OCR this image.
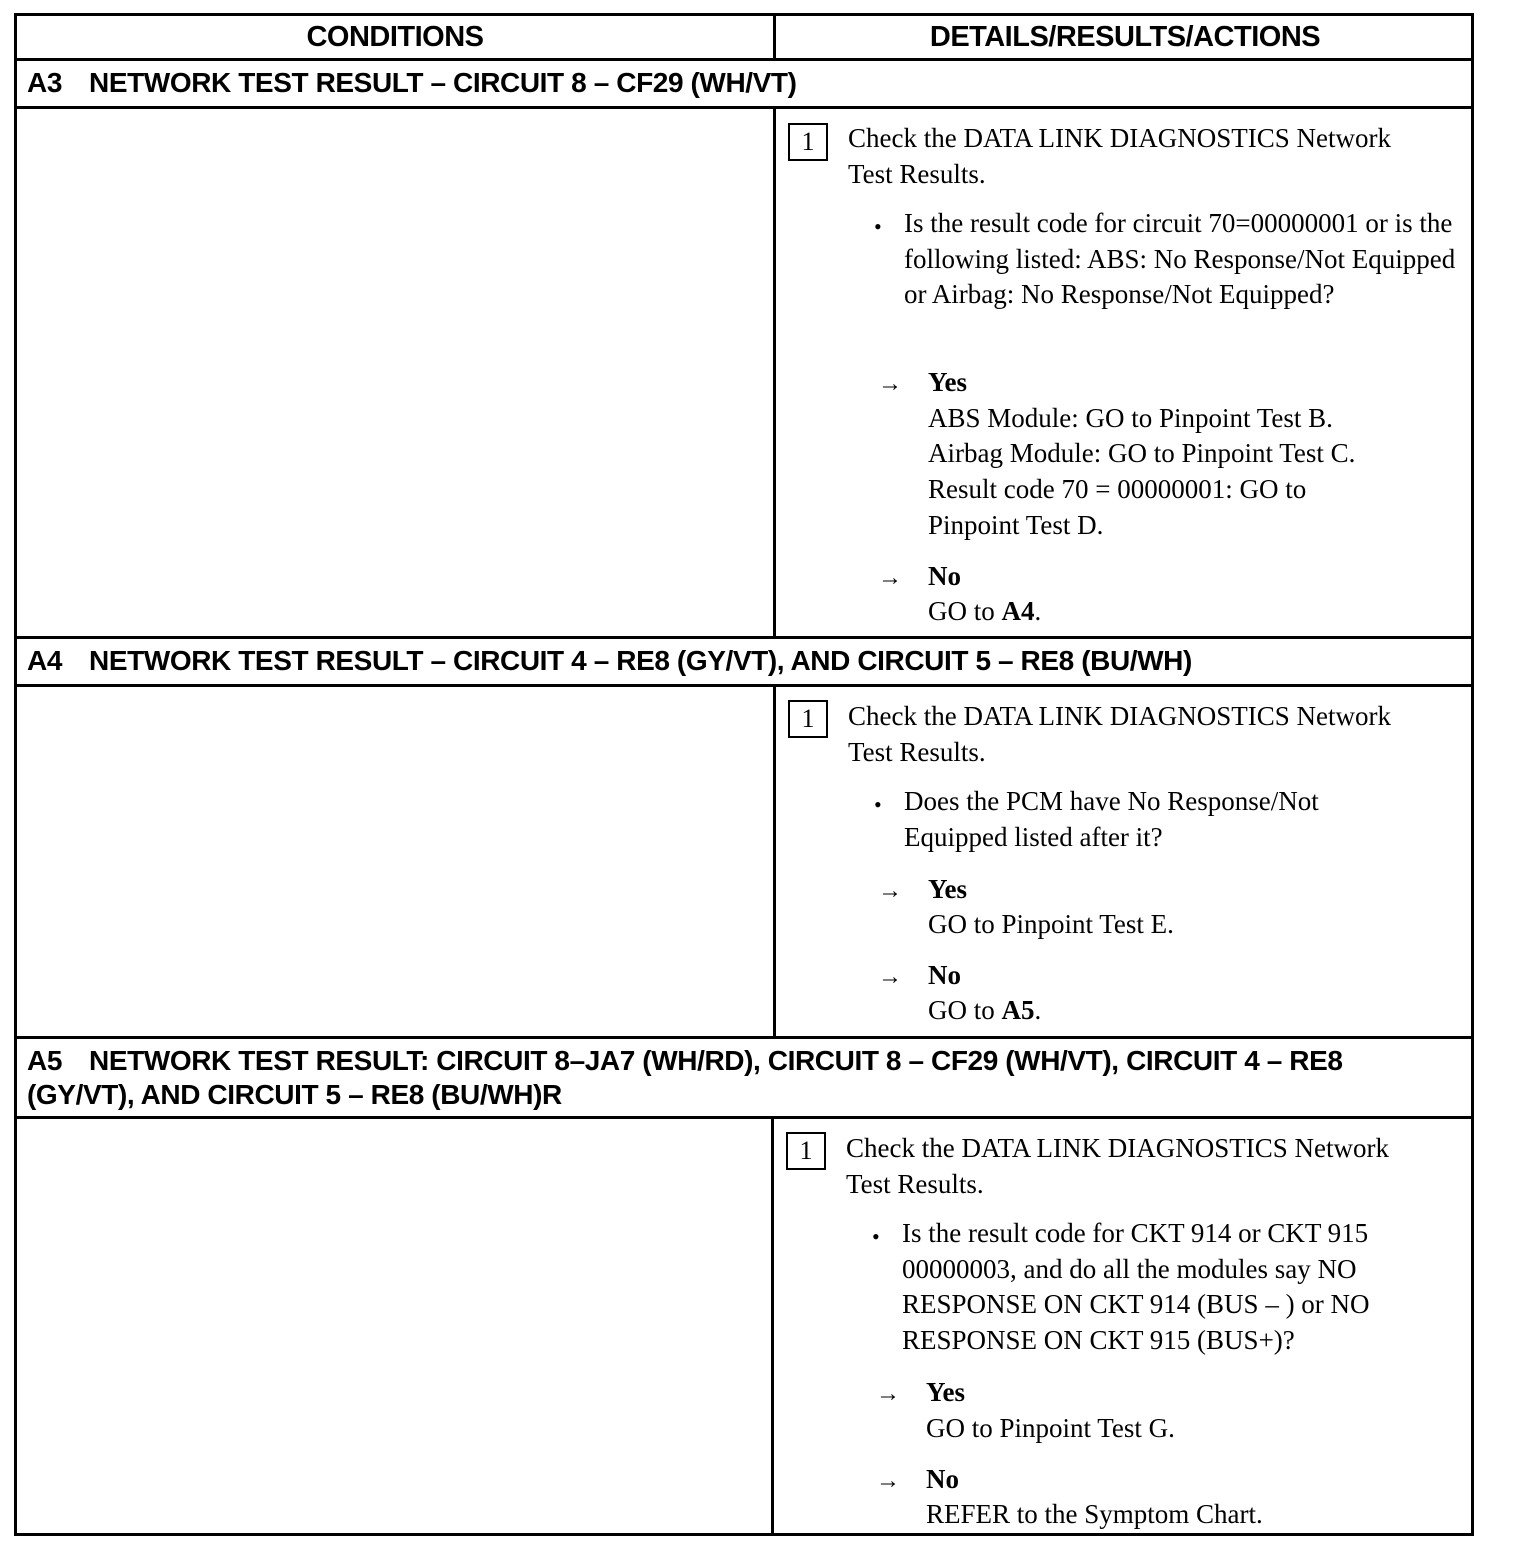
CONDITIONS	DETAILS/RESULTS/ACTIONS
A3 NETWORK TEST RESULT – CIRCUIT 8 – CF29 (WH/VT)
1	Check the DATA LINK DIAGNOSTICS Network Test Results.
• Is the result code for circuit 70=00000001 or is the following listed: ABS: No Response/Not Equipped or Airbag: No Response/Not Equipped?
→ Yes
ABS Module: GO to Pinpoint Test B.
Airbag Module: GO to Pinpoint Test C.
Result code 70 = 00000001: GO to Pinpoint Test D.
→ No
GO to A4.
A4 NETWORK TEST RESULT – CIRCUIT 4 – RE8 (GY/VT), AND CIRCUIT 5 – RE8 (BU/WH)
1	Check the DATA LINK DIAGNOSTICS Network Test Results.
• Does the PCM have No Response/Not Equipped listed after it?
→ Yes
GO to Pinpoint Test E.
→ No
GO to A5.
A5 NETWORK TEST RESULT: CIRCUIT 8–JA7 (WH/RD), CIRCUIT 8 – CF29 (WH/VT), CIRCUIT 4 – RE8 (GY/VT), AND CIRCUIT 5 – RE8 (BU/WH)R
1	Check the DATA LINK DIAGNOSTICS Network Test Results.
• Is the result code for CKT 914 or CKT 915 00000003, and do all the modules say NO RESPONSE ON CKT 914 (BUS – ) or NO RESPONSE ON CKT 915 (BUS+)?
→ Yes
GO to Pinpoint Test G.
→ No
REFER to the Symptom Chart.
